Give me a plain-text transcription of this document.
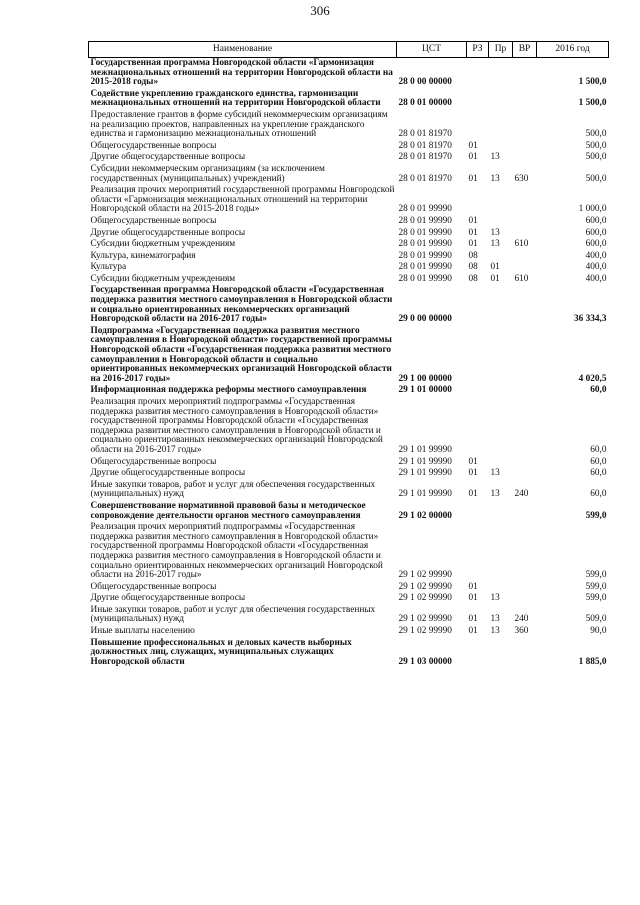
306
Наименование	ЦСТ	РЗ	Пр	ВР	2016 год
Государственная программа Новгородской области «Гармонизация межнациональных отношений на территории Новгородской области на 2015-2018 годы»	28 0 00 00000				1 500,0
Содействие укреплению гражданского единства, гармонизации межнациональных отношений на территории Новгородской области	28 0 01 00000				1 500,0
Предоставление грантов в форме субсидий некоммерческим организациям на реализацию проектов, направленных на укрепление гражданского единства и гармонизацию межнациональных отношений	28 0 01 81970				500,0
Общегосударственные вопросы	28 0 01 81970	01			500,0
Другие общегосударственные вопросы	28 0 01 81970	01	13		500,0
Субсидии некоммерческим организациям (за исключением государственных (муниципальных) учреждений)	28 0 01 81970	01	13	630	500,0
Реализация прочих мероприятий государственной программы Новгородской области «Гармонизация межнациональных отношений на территории Новгородской области на 2015-2018 годы»	28 0 01 99990				1 000,0
Общегосударственные вопросы	28 0 01 99990	01			600,0
Другие общегосударственные вопросы	28 0 01 99990	01	13		600,0
Субсидии бюджетным учреждениям	28 0 01 99990	01	13	610	600,0
Культура, кинематография	28 0 01 99990	08			400,0
Культура	28 0 01 99990	08	01		400,0
Субсидии бюджетным учреждениям	28 0 01 99990	08	01	610	400,0
Государственная программа Новгородской области «Государственная поддержка развития местного самоуправления в Новгородской области и социально ориентированных некоммерческих организаций Новгородской области на 2016-2017 годы»	29 0 00 00000				36 334,3
Подпрограмма «Государственная поддержка развития местного самоуправления в Новгородской области» государственной программы Новгородской области «Государственная поддержка развития местного самоуправления в Новгородской области и социально ориентированных некоммерческих организаций Новгородской области на 2016-2017 годы»	29 1 00 00000				4 020,5
Информационная поддержка реформы местного самоуправления	29 1 01 00000				60,0
Реализация прочих мероприятий подпрограммы «Государственная поддержка развития местного самоуправления в Новгородской области» государственной программы Новгородской области «Государственная поддержка развития местного самоуправления в Новгородской области и социально ориентированных некоммерческих организаций Новгородской области на 2016-2017 годы»	29 1 01 99990				60,0
Общегосударственные вопросы	29 1 01 99990	01			60,0
Другие общегосударственные вопросы	29 1 01 99990	01	13		60,0
Иные закупки товаров, работ и услуг для обеспечения государственных (муниципальных) нужд	29 1 01 99990	01	13	240	60,0
Совершенствование нормативной правовой базы и методическое сопровождение деятельности органов местного самоуправления	29 1 02 00000				599,0
Реализация прочих мероприятий подпрограммы «Государственная поддержка развития местного самоуправления в Новгородской области» государственной программы Новгородской области «Государственная поддержка развития местного самоуправления в Новгородской области и социально ориентированных некоммерческих организаций Новгородской области на 2016-2017 годы»	29 1 02 99990				599,0
Общегосударственные вопросы	29 1 02 99990	01			599,0
Другие общегосударственные вопросы	29 1 02 99990	01	13		599,0
Иные закупки товаров, работ и услуг для обеспечения государственных (муниципальных) нужд	29 1 02 99990	01	13	240	509,0
Иные выплаты населению	29 1 02 99990	01	13	360	90,0
Повышение профессиональных и деловых качеств выборных должностных лиц, служащих, муниципальных служащих Новгородской области	29 1 03 00000				1 885,0
